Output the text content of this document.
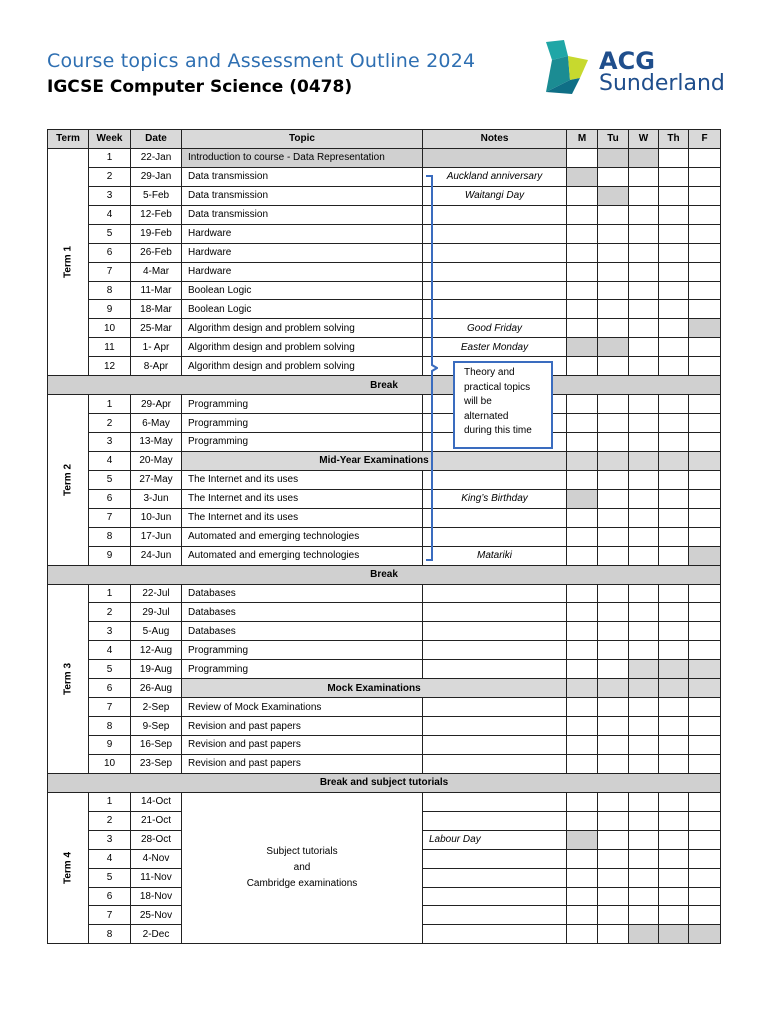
Course topics and Assessment Outline 2024
IGCSE Computer Science (0478)
ACG
Sunderland
Term	Week	Date	Topic	Notes	M	Tu	W	Th	F

Term 1	1	22-Jan	Introduction to course - Data Representation						
	2	29-Jan	Data transmission	Auckland anniversary					
	3	5-Feb	Data transmission	Waitangi Day					
	4	12-Feb	Data transmission						
	5	19-Feb	Hardware						
	6	26-Feb	Hardware						
	7	4-Mar	Hardware						
	8	11-Mar	Boolean Logic						
	9	18-Mar	Boolean Logic						
	10	25-Mar	Algorithm design and problem solving	Good Friday					
	11	1- Apr	Algorithm design and problem solving	Easter Monday					
	12	8-Apr	Algorithm design and problem solving						
Break									

Term 2	1	29-Apr	Programming						
	2	6-May	Programming						
	3	13-May	Programming						
	4	20-May	Mid-Year Examinations						
	5	27-May	The Internet and its uses						
	6	3-Jun	The Internet and its uses	King’s Birthday					
	7	10-Jun	The Internet and its uses						
	8	17-Jun	Automated and emerging technologies						
	9	24-Jun	Automated and emerging technologies	Matariki					
Break									

Term 3	1	22-Jul	Databases						
	2	29-Jul	Databases						
	3	5-Aug	Databases						
	4	12-Aug	Programming						
	5	19-Aug	Programming						
	6	26-Aug	Mock Examinations						
	7	2-Sep	Review of Mock Examinations						
	8	9-Sep	Revision and past papers						
	9	16-Sep	Revision and past papers						
	10	23-Sep	Revision and past papers						
Break and subject tutorials									

Term 4	1	14-Oct	Subject tutorials
and
Cambridge examinations						

	2	21-Oct							
	3	28-Oct		Labour Day					
	4	4-Nov							
	5	11-Nov							
	6	18-Nov							
	7	25-Nov							
	8	2-Dec							
Theory and
practical topics
will be
alternated
during this time
